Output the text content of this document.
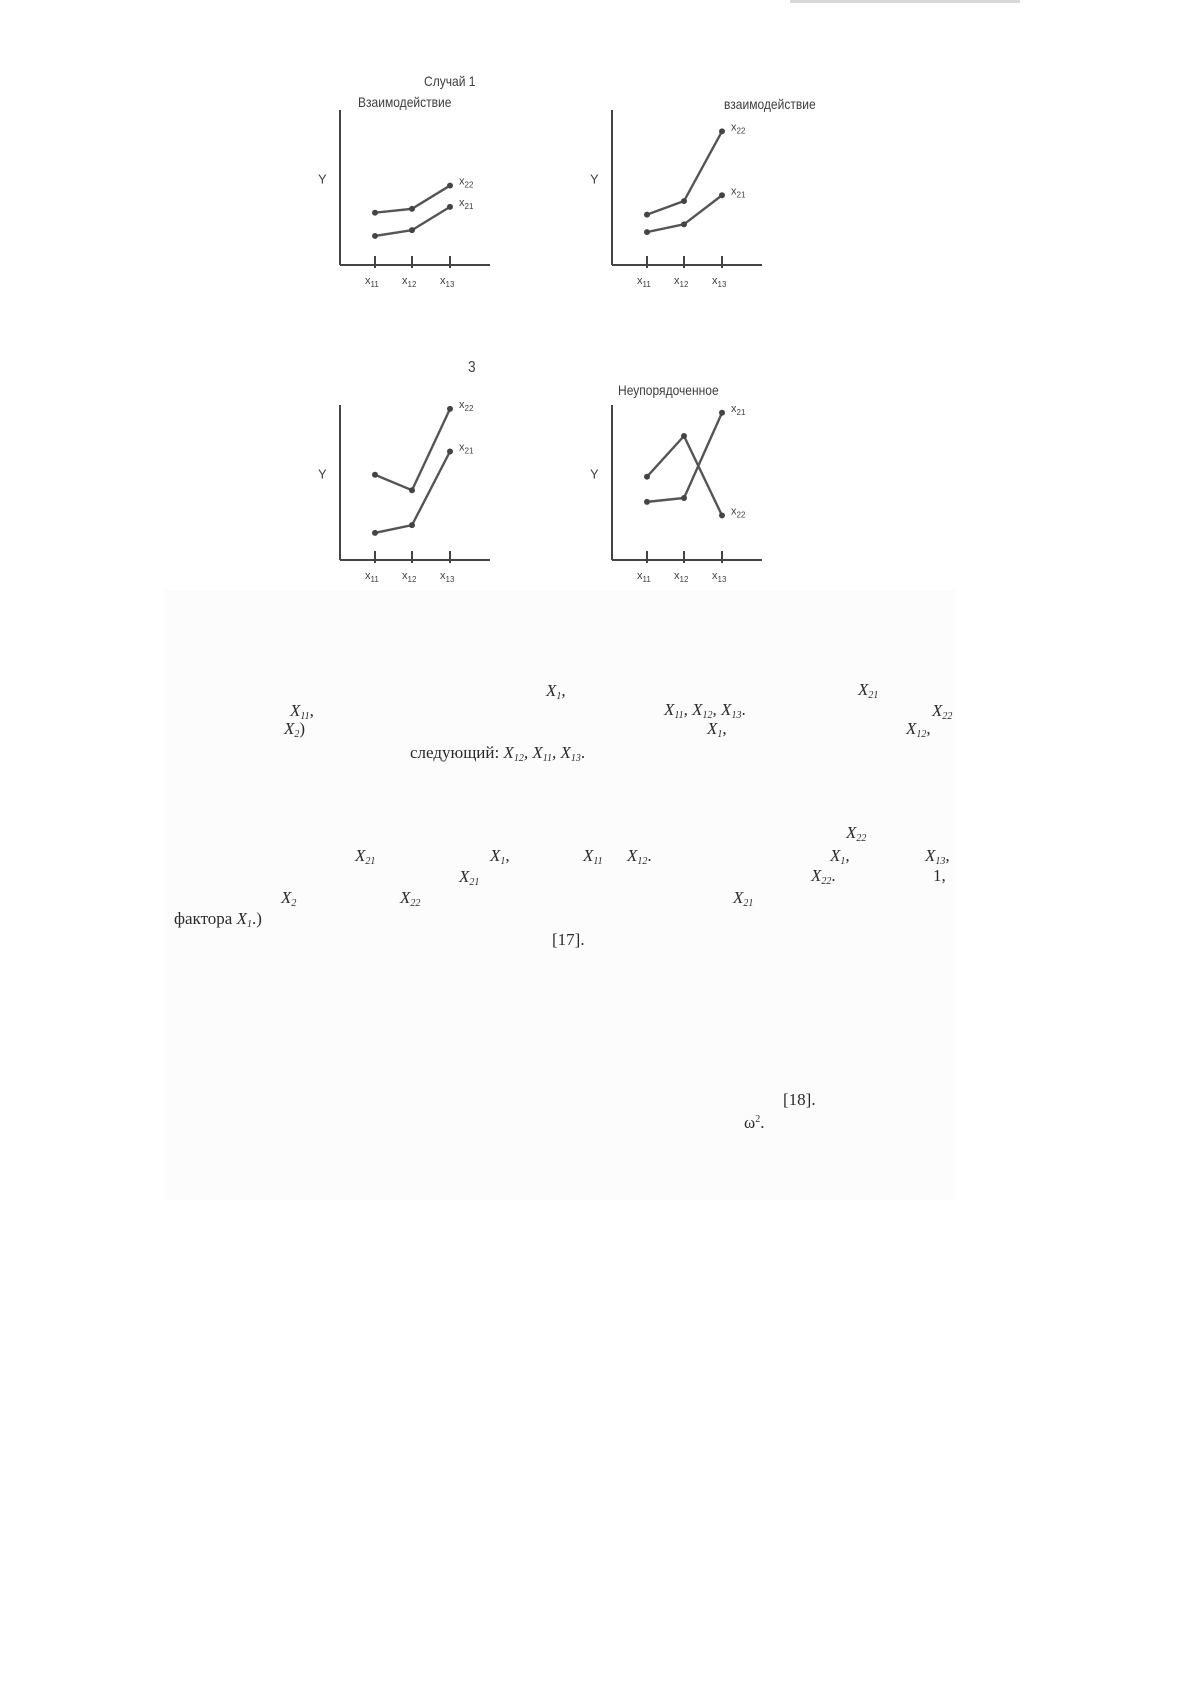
Случай 1
Взаимодействие	взаимодействие
3
Неупорядоченное
Y
$x_{11}$ $x_{12}$ $x_{13}$
$x_{22}$
$x_{21}$
Y
$x_{11}$ $x_{12}$ $x_{13}$
$x_{22}$
$x_{21}$
Y
$x_{11}$ $x_{12}$ $x_{13}$
$x_{22}$
$x_{21}$
Y
$x_{11}$ $x_{12}$ $x_{13}$
$x_{21}$
$x_{22}$
$X_1$,	$X_{21}$
$X_{11}$,	$X_{11}$, $X_{12}$, $X_{13}$.	$X_{22}$
$X_2$)	$X_1$,	$X_{12}$,
следующий: $X_{12}$, $X_{11}$, $X_{13}$.
$X_{22}$
$X_{21}$	$X_1$,	$X_{11}$ $X_{12}$.	$X_1$,	$X_{13}$,
$X_{21}$	$X_{22}$.	1,
$X_2$	$X_{22}$	$X_{21}$
фактора $X_1$.)
[17].
[18].
$\omega^2$.
